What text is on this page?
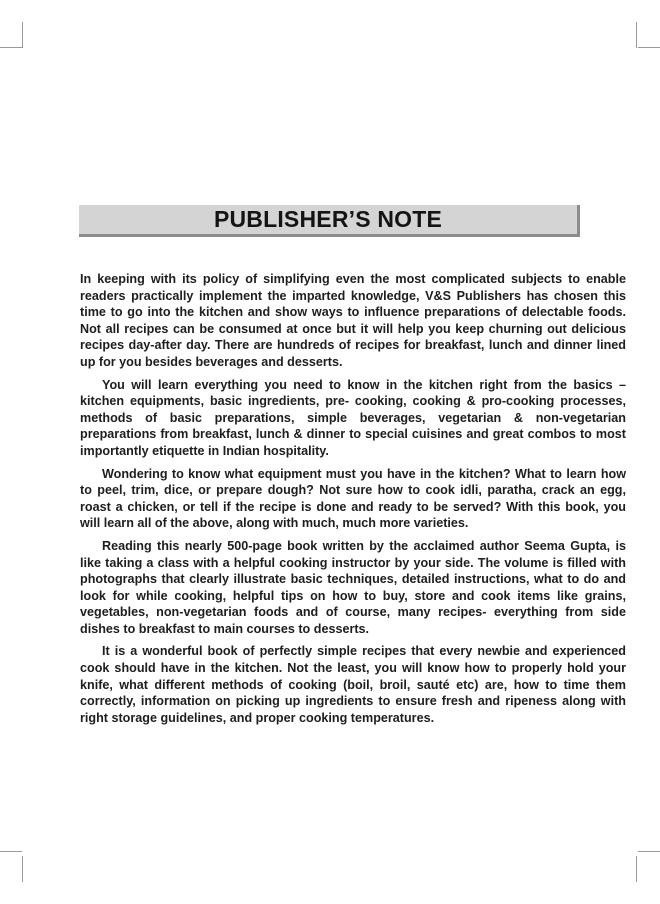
PUBLISHER’S NOTE

In keeping with its policy of simplifying even the most complicated subjects to enable readers practically implement the imparted knowledge, V&S Publishers has chosen this time to go into the kitchen and show ways to influence preparations of delectable foods. Not all recipes can be consumed at once but it will help you keep churning out delicious recipes day-after day. There are hundreds of recipes for breakfast, lunch and dinner lined up for you besides beverages and desserts.

You will learn everything you need to know in the kitchen right from the basics – kitchen equipments, basic ingredients, pre- cooking, cooking & pro-cooking processes, methods of basic preparations, simple beverages, vegetarian & non-vegetarian preparations from breakfast, lunch & dinner to special cuisines and great combos to most importantly etiquette in Indian hospitality.

Wondering to know what equipment must you have in the kitchen? What to learn how to peel, trim, dice, or prepare dough? Not sure how to cook idli, paratha, crack an egg, roast a chicken, or tell if the recipe is done and ready to be served? With this book, you will learn all of the above, along with much, much more varieties.

Reading this nearly 500-page book written by the acclaimed author Seema Gupta, is like taking a class with a helpful cooking instructor by your side. The volume is filled with photographs that clearly illustrate basic techniques, detailed instructions, what to do and look for while cooking, helpful tips on how to buy, store and cook items like grains, vegetables, non-vegetarian foods and of course, many recipes- everything from side dishes to breakfast to main courses to desserts.

It is a wonderful book of perfectly simple recipes that every newbie and experienced cook should have in the kitchen. Not the least, you will know how to properly hold your knife, what different methods of cooking (boil, broil, sauté etc) are, how to time them correctly, information on picking up ingredients to ensure fresh and ripeness along with right storage guidelines, and proper cooking temperatures.
